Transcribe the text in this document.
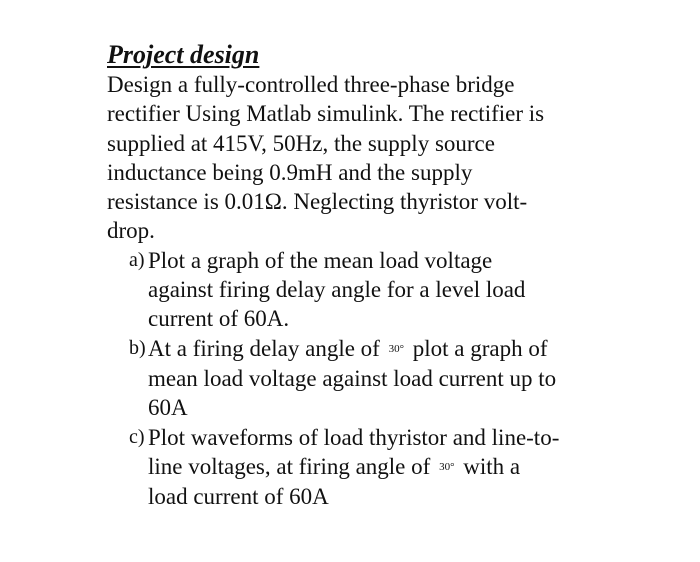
Project design

Design a fully-controlled three-phase bridge

rectifier Using Matlab simulink. The rectifier is

supplied at 415V, 50Hz, the supply source

inductance being 0.9mH and the supply

resistance is 0.01Ω. Neglecting thyristor volt-

drop.

a) Plot a graph of the mean load voltage

against firing delay angle for a level load

current of 60A.

b) At a firing delay angle of 30° plot a graph of

mean load voltage against load current up to

60A

c) Plot waveforms of load thyristor and line-to-

line voltages, at firing angle of 30° with a

load current of 60A
